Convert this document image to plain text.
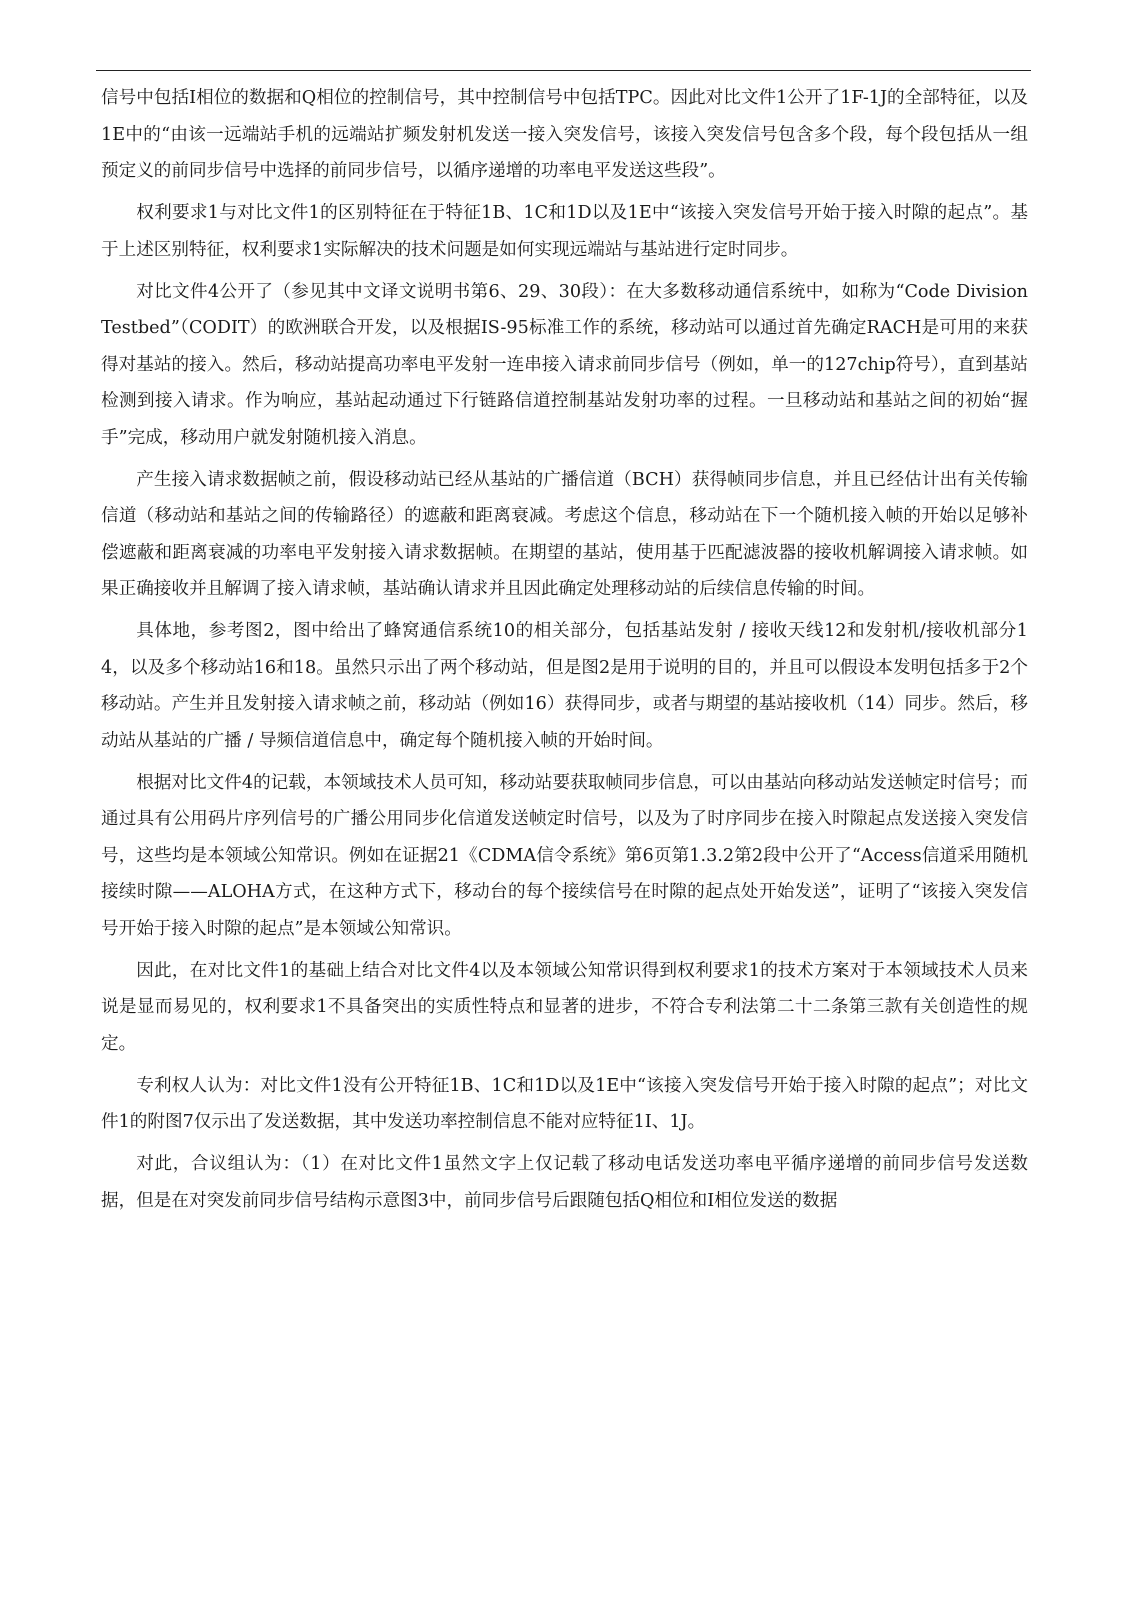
信号中包括I相位的数据和Q相位的控制信号，其中控制信号中包括TPC。因此对比文件1公开了1F-1J的全部特征，以及1E中的“由该一远端站手机的远端站扩频发射机发送一接入突发信号，该接入突发信号包含多个段，每个段包括从一组预定义的前同步信号中选择的前同步信号，以循序递增的功率电平发送这些段”。

权利要求1与对比文件1的区别特征在于特征1B、1C和1D以及1E中“该接入突发信号开始于接入时隙的起点”。基于上述区别特征，权利要求1实际解决的技术问题是如何实现远端站与基站进行定时同步。

对比文件4公开了（参见其中文译文说明书第6、29、30段）：在大多数移动通信系统中，如称为“Code Division Testbed”（CODIT）的欧洲联合开发，以及根据IS-95标准工作的系统，移动站可以通过首先确定RACH是可用的来获得对基站的接入。然后，移动站提高功率电平发射一连串接入请求前同步信号（例如，单一的127chip符号），直到基站检测到接入请求。作为响应，基站起动通过下行链路信道控制基站发射功率的过程。一旦移动站和基站之间的初始“握手”完成，移动用户就发射随机接入消息。

产生接入请求数据帧之前，假设移动站已经从基站的广播信道（BCH）获得帧同步信息，并且已经估计出有关传输信道（移动站和基站之间的传输路径）的遮蔽和距离衰减。考虑这个信息，移动站在下一个随机接入帧的开始以足够补偿遮蔽和距离衰减的功率电平发射接入请求数据帧。在期望的基站，使用基于匹配滤波器的接收机解调接入请求帧。如果正确接收并且解调了接入请求帧，基站确认请求并且因此确定处理移动站的后续信息传输的时间。

具体地，参考图2，图中给出了蜂窝通信系统10的相关部分，包括基站发射 / 接收天线12和发射机/接收机部分14，以及多个移动站16和18。虽然只示出了两个移动站，但是图2是用于说明的目的，并且可以假设本发明包括多于2个移动站。产生并且发射接入请求帧之前，移动站（例如16）获得同步，或者与期望的基站接收机（14）同步。然后，移动站从基站的广播 / 导频信道信息中，确定每个随机接入帧的开始时间。

根据对比文件4的记载，本领域技术人员可知，移动站要获取帧同步信息，可以由基站向移动站发送帧定时信号；而通过具有公用码片序列信号的广播公用同步化信道发送帧定时信号，以及为了时序同步在接入时隙起点发送接入突发信号，这些均是本领域公知常识。例如在证据21《CDMA信令系统》第6页第1.3.2第2段中公开了“Access信道采用随机接续时隙——ALOHA方式，在这种方式下，移动台的每个接续信号在时隙的起点处开始发送”，证明了“该接入突发信号开始于接入时隙的起点”是本领域公知常识。

因此，在对比文件1的基础上结合对比文件4以及本领域公知常识得到权利要求1的技术方案对于本领域技术人员来说是显而易见的，权利要求1不具备突出的实质性特点和显著的进步，不符合专利法第二十二条第三款有关创造性的规定。

专利权人认为：对比文件1没有公开特征1B、1C和1D以及1E中“该接入突发信号开始于接入时隙的起点”；对比文件1的附图7仅示出了发送数据，其中发送功率控制信息不能对应特征1I、1J。

对此，合议组认为：（1）在对比文件1虽然文字上仅记载了移动电话发送功率电平循序递增的前同步信号发送数据，但是在对突发前同步信号结构示意图3中，前同步信号后跟随包括Q相位和I相位发送的数据
